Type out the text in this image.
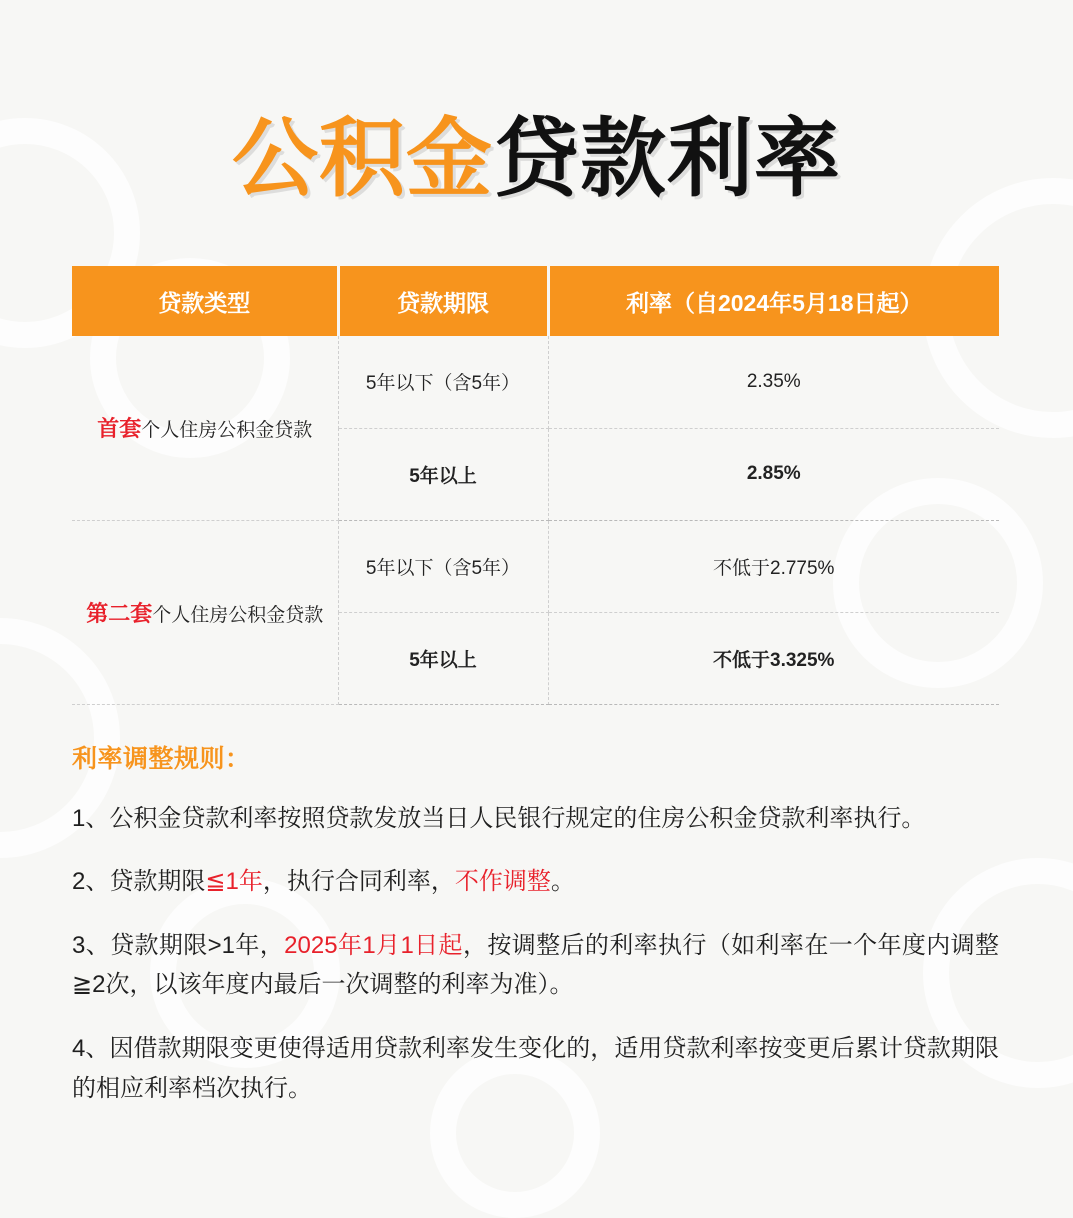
公积金贷款利率
贷款类型	贷款期限	利率（自2024年5月18日起）
首套个人住房公积金贷款	5年以下（含5年）	2.35%
	5年以上	2.85%
第二套个人住房公积金贷款	5年以下（含5年）	不低于2.775%
	5年以上	不低于3.325%
利率调整规则：

1、公积金贷款利率按照贷款发放当日人民银行规定的住房公积金贷款利率执行。

2、贷款期限≦1年，执行合同利率，不作调整。

3、贷款期限>1年，2025年1月1日起，按调整后的利率执行（如利率在一个年度内调整≧2次，以该年度内最后一次调整的利率为准）。

4、因借款期限变更使得适用贷款利率发生变化的，适用贷款利率按变更后累计贷款期限的相应利率档次执行。
